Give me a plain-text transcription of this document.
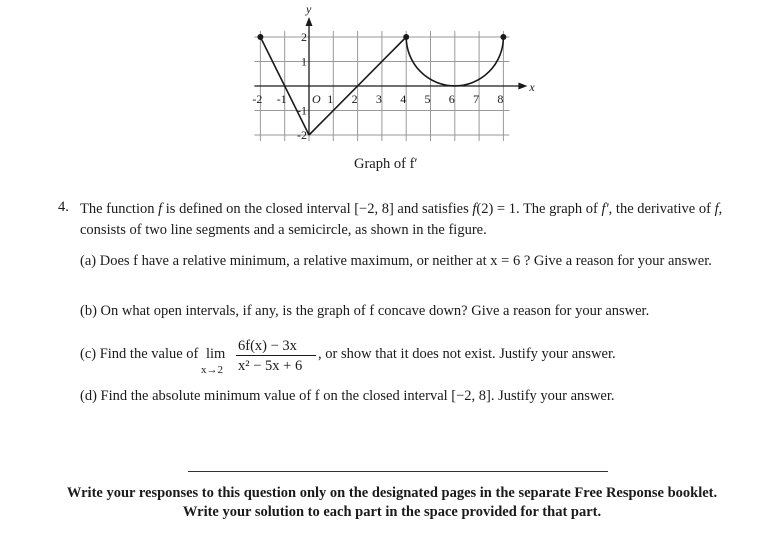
x
y
-2 -1 O 1 2 3 4 5 6 7 8
2
1
-1
-2
Graph of f′
4. The function f is defined on the closed interval [−2, 8] and satisfies f(2) = 1. The graph of f′, the derivative of f, consists of two line segments and a semicircle, as shown in the figure.
(a) Does f have a relative minimum, a relative maximum, or neither at x = 6 ? Give a reason for your answer.
(b) On what open intervals, if any, is the graph of f concave down? Give a reason for your answer.
(c) Find the value of lim
x→2
6f(x) − 3x
x² − 5x + 6
, or show that it does not exist. Justify your answer.
(d) Find the absolute minimum value of f on the closed interval [−2, 8]. Justify your answer.
Write your responses to this question only on the designated pages in the separate Free Response booklet. Write your solution to each part in the space provided for that part.
